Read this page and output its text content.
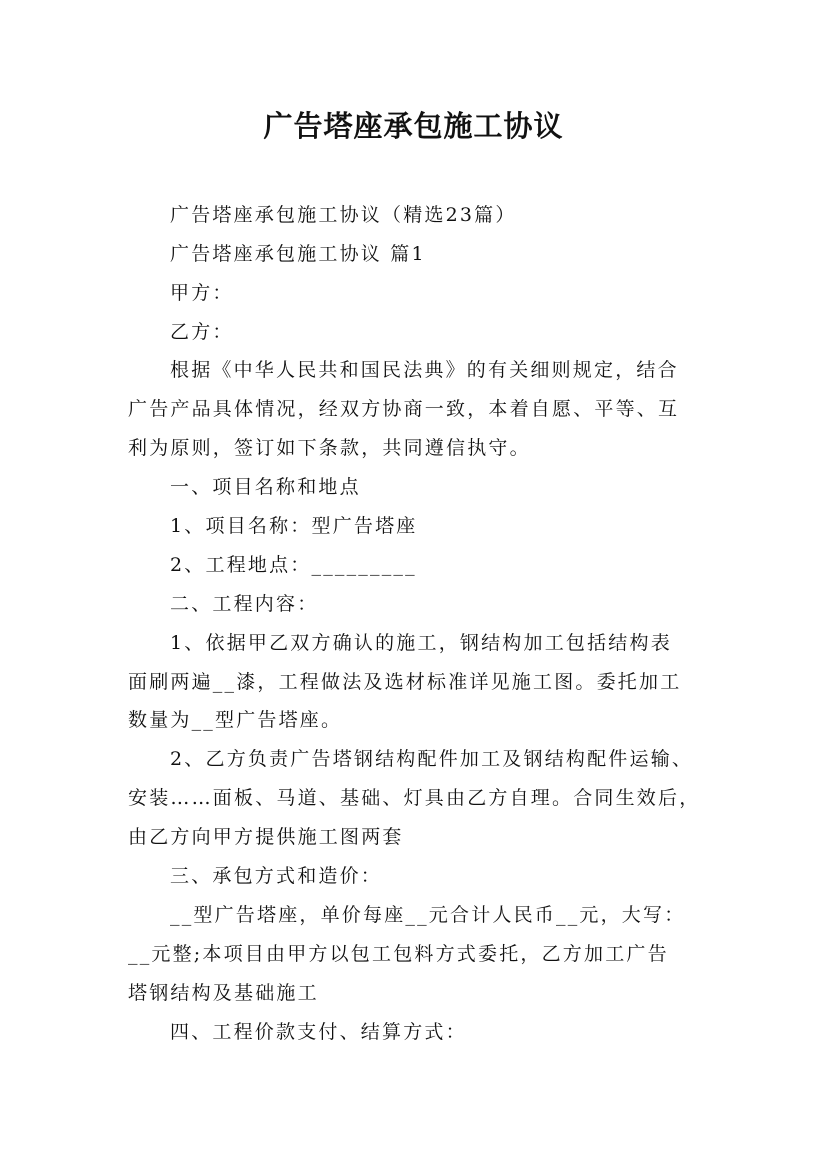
广告塔座承包施工协议
广告塔座承包施工协议（精选23篇）
广告塔座承包施工协议 篇1
甲方：
乙方：
根据《中华人民共和国民法典》的有关细则规定，结合
广告产品具体情况，经双方协商一致，本着自愿、平等、互
利为原则，签订如下条款，共同遵信执守。
一、项目名称和地点
1、项目名称：型广告塔座
2、工程地点：_________
二、工程内容：
1、依据甲乙双方确认的施工，钢结构加工包括结构表
面刷两遍__漆，工程做法及选材标准详见施工图。委托加工
数量为__型广告塔座。
2、乙方负责广告塔钢结构配件加工及钢结构配件运输、
安装……面板、马道、基础、灯具由乙方自理。合同生效后，
由乙方向甲方提供施工图两套
三、承包方式和造价：
__型广告塔座，单价每座__元合计人民币__元，大写：
__元整;本项目由甲方以包工包料方式委托，乙方加工广告
塔钢结构及基础施工
四、工程价款支付、结算方式：
